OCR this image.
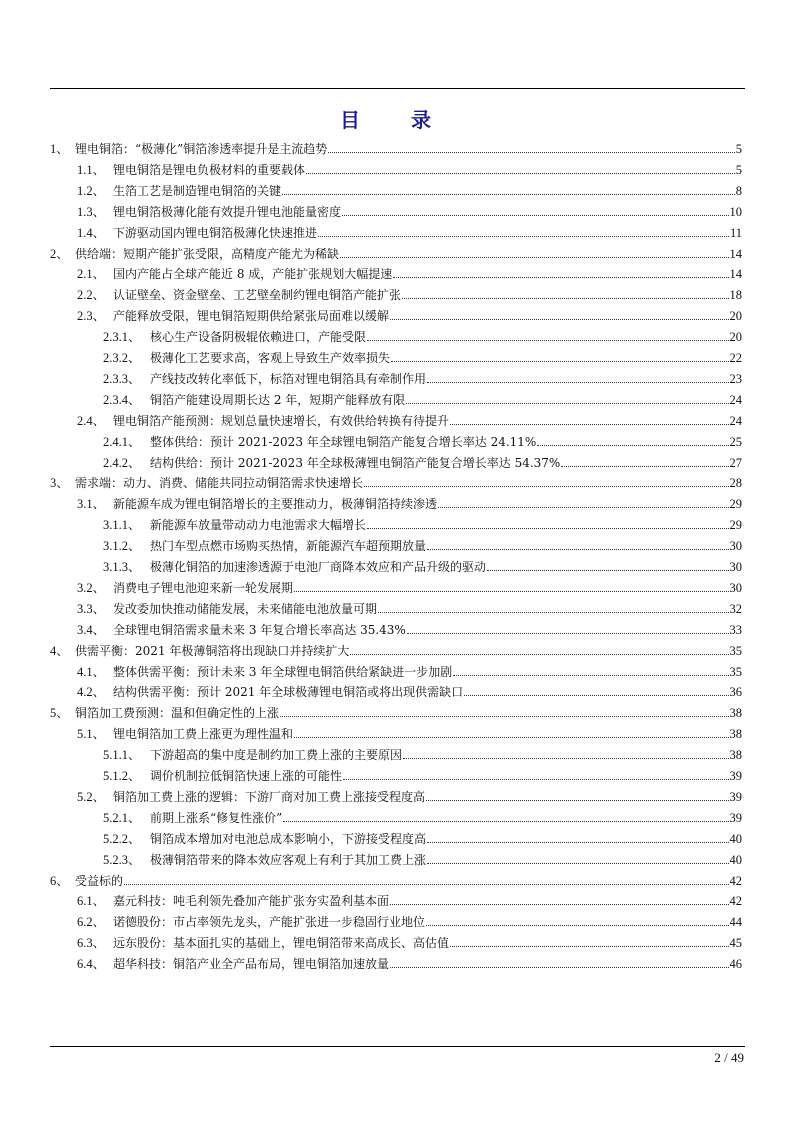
目 录
1、 锂电铜箔：“极薄化”铜箔渗透率提升是主流趋势	5
1.1、 锂电铜箔是锂电负极材料的重要载体	5
1.2、 生箔工艺是制造锂电铜箔的关键	8
1.3、 锂电铜箔极薄化能有效提升锂电池能量密度	10
1.4、 下游驱动国内锂电铜箔极薄化快速推进	11
2、 供给端：短期产能扩张受限，高精度产能尤为稀缺	14
2.1、 国内产能占全球产能近 8 成，产能扩张规划大幅提速	14
2.2、 认证壁垒、资金壁垒、工艺壁垒制约锂电铜箔产能扩张	18
2.3、 产能释放受限，锂电铜箔短期供给紧张局面难以缓解	20
2.3.1、 核心生产设备阴极辊依赖进口，产能受限	20
2.3.2、 极薄化工艺要求高，客观上导致生产效率损失	22
2.3.3、 产线技改转化率低下，标箔对锂电铜箔具有牵制作用	23
2.3.4、 铜箔产能建设周期长达 2 年，短期产能释放有限	24
2.4、 锂电铜箔产能预测：规划总量快速增长，有效供给转换有待提升	24
2.4.1、 整体供给：预计 2021-2023 年全球锂电铜箔产能复合增长率达 24.11%	25
2.4.2、 结构供给：预计 2021-2023 年全球极薄锂电铜箔产能复合增长率达 54.37%	27
3、 需求端：动力、消费、储能共同拉动铜箔需求快速增长	28
3.1、 新能源车成为锂电铜箔增长的主要推动力，极薄铜箔持续渗透	29
3.1.1、 新能源车放量带动动力电池需求大幅增长	29
3.1.2、 热门车型点燃市场购买热情，新能源汽车超预期放量	30
3.1.3、 极薄化铜箔的加速渗透源于电池厂商降本效应和产品升级的驱动	30
3.2、 消费电子锂电池迎来新一轮发展期	30
3.3、 发改委加快推动储能发展，未来储能电池放量可期	32
3.4、 全球锂电铜箔需求量未来 3 年复合增长率高达 35.43%	33
4、 供需平衡：2021 年极薄铜箔将出现缺口并持续扩大	35
4.1、 整体供需平衡：预计未来 3 年全球锂电铜箔供给紧缺进一步加剧	35
4.2、 结构供需平衡：预计 2021 年全球极薄锂电铜箔或将出现供需缺口	36
5、 铜箔加工费预测：温和但确定性的上涨	38
5.1、 锂电铜箔加工费上涨更为理性温和	38
5.1.1、 下游超高的集中度是制约加工费上涨的主要原因	38
5.1.2、 调价机制拉低铜箔快速上涨的可能性	39
5.2、 铜箔加工费上涨的逻辑：下游厂商对加工费上涨接受程度高	39
5.2.1、 前期上涨系“修复性涨价”	39
5.2.2、 铜箔成本增加对电池总成本影响小，下游接受程度高	40
5.2.3、 极薄铜箔带来的降本效应客观上有利于其加工费上涨	40
6、 受益标的	42
6.1、 嘉元科技：吨毛利领先叠加产能扩张夯实盈利基本面	42
6.2、 诺德股份：市占率领先龙头，产能扩张进一步稳固行业地位	44
6.3、 远东股份：基本面扎实的基础上，锂电铜箔带来高成长、高估值	45
6.4、 超华科技：铜箔产业全产品布局，锂电铜箔加速放量	46
2 / 49
